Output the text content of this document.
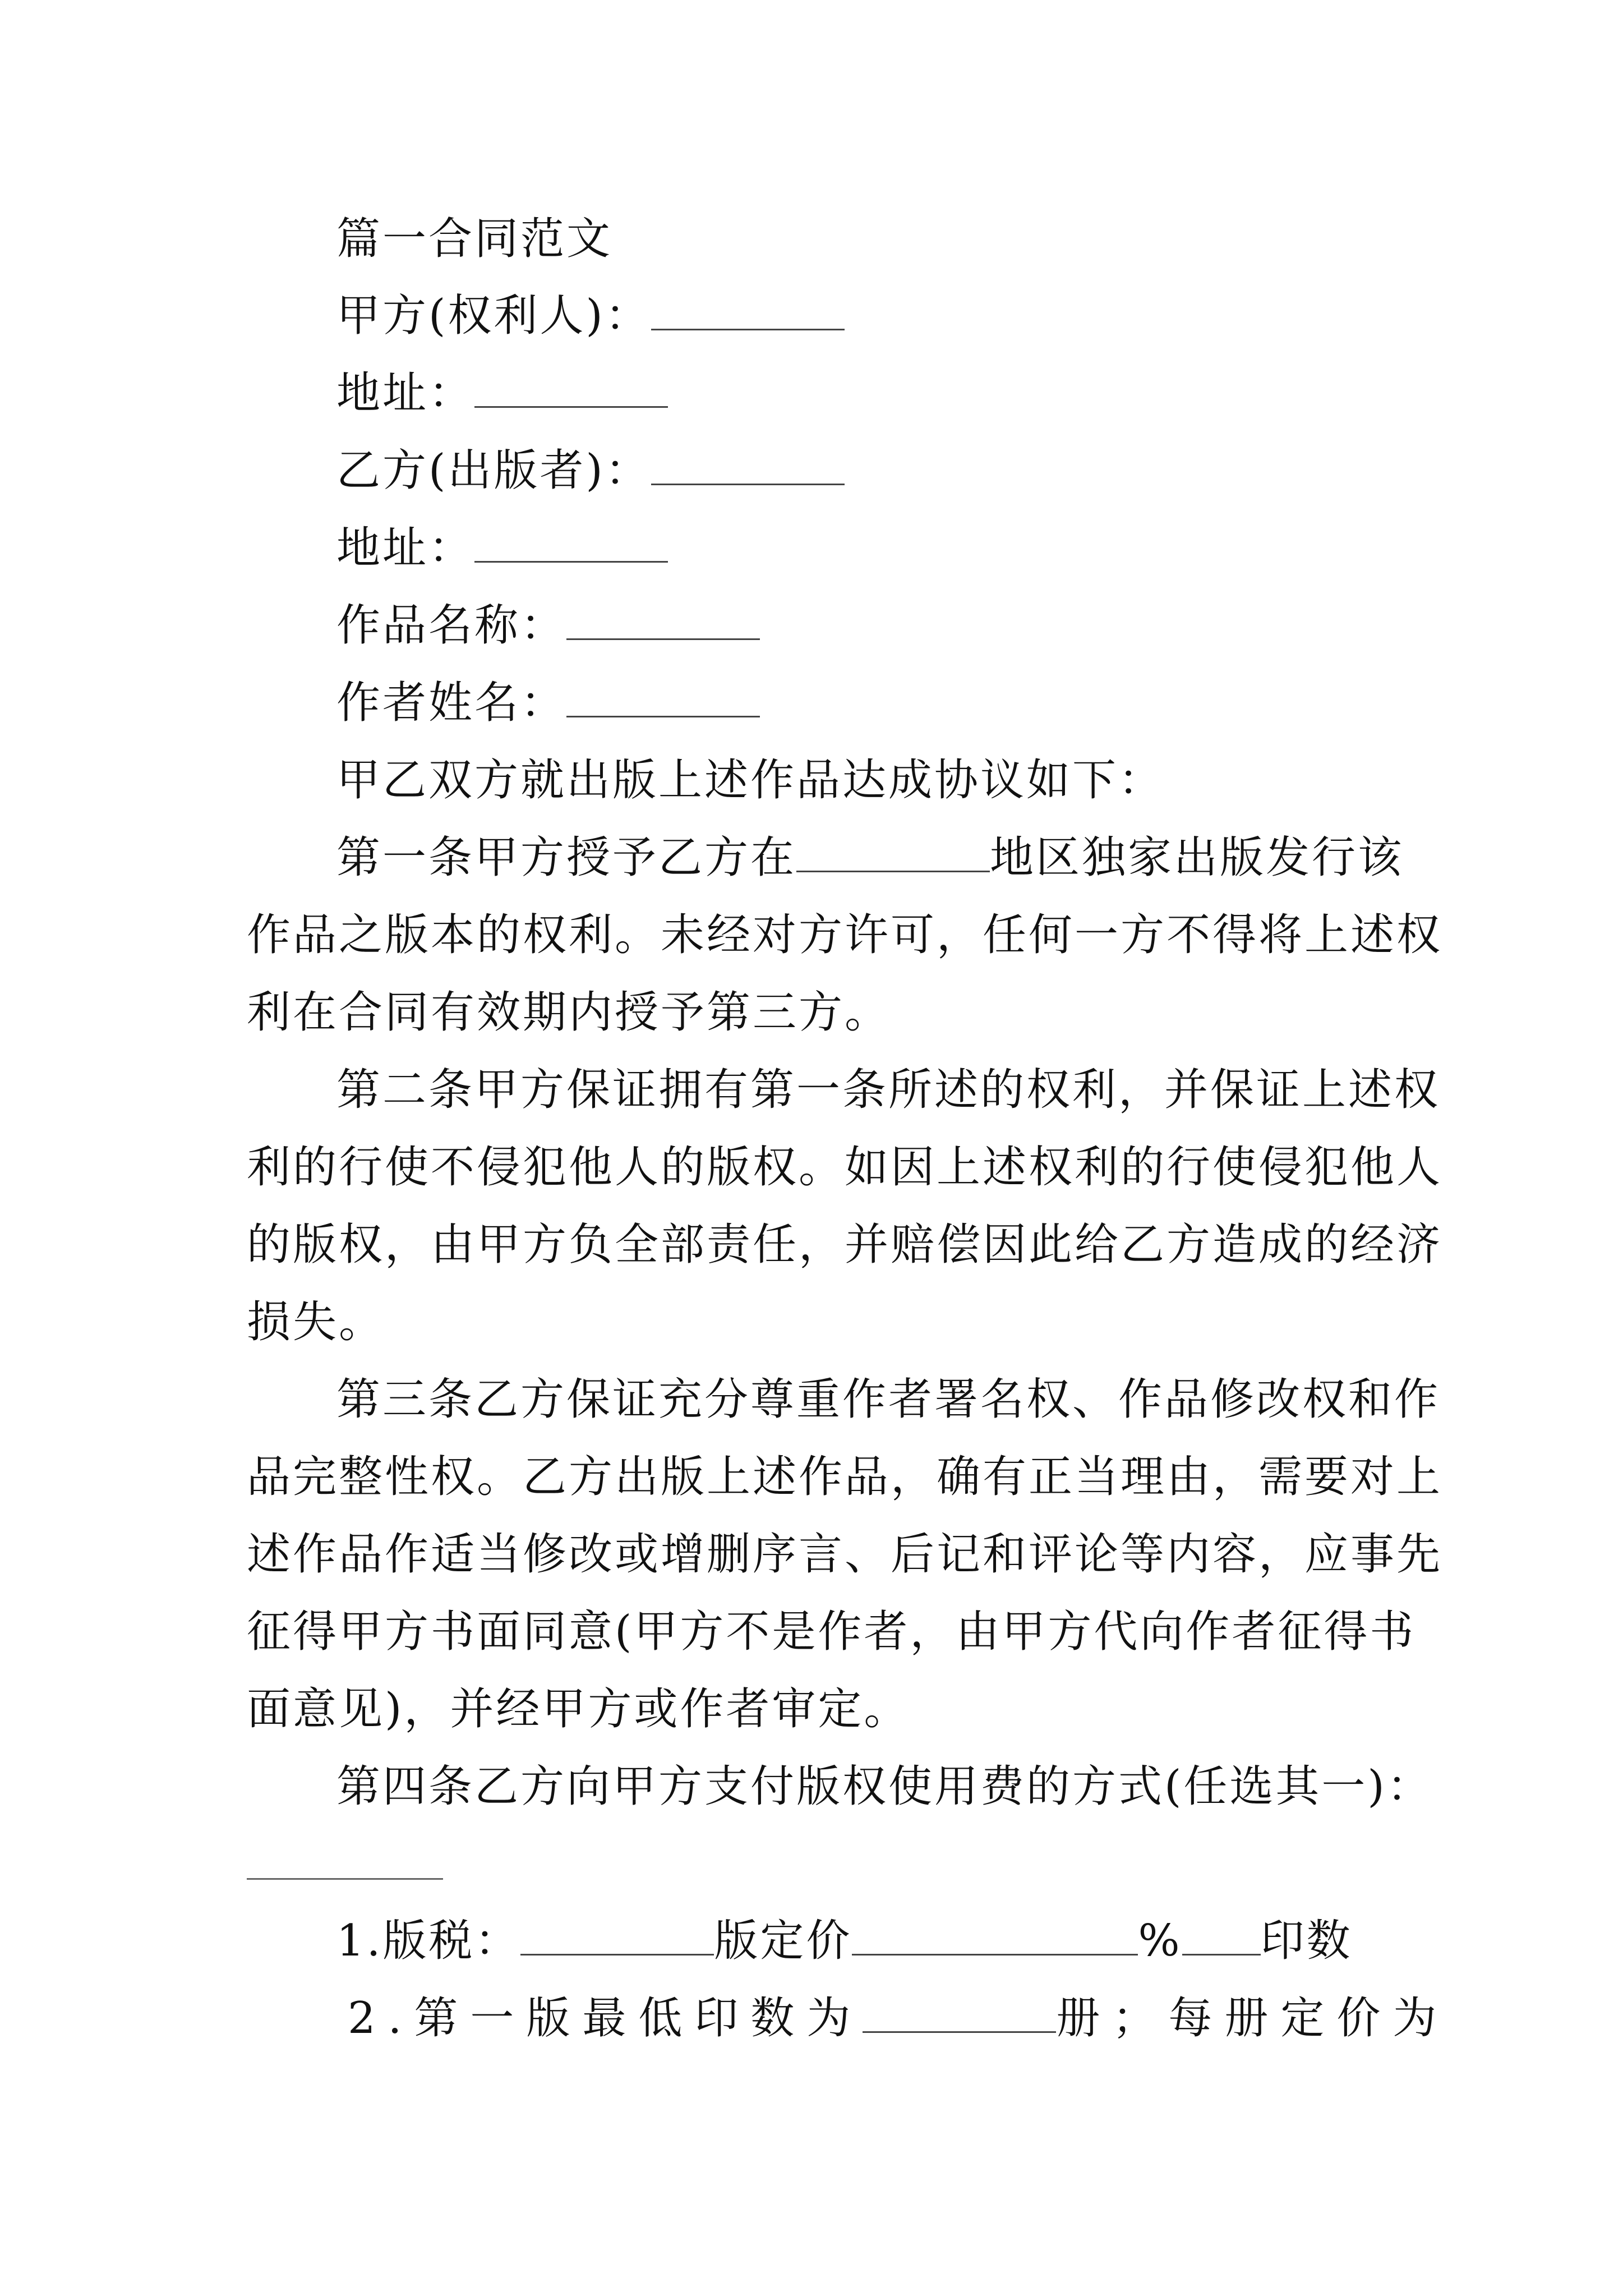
篇一合同范文
甲方(权利人)：
地址：
乙方(出版者)：
地址：
作品名称：
作者姓名：
甲乙双方就出版上述作品达成协议如下：
第一条甲方授予乙方在	地区独家出版发行该
作品之版本的权利。未经对方许可，任何一方不得将上述权
利在合同有效期内授予第三方。
第二条甲方保证拥有第一条所述的权利，并保证上述权
利的行使不侵犯他人的版权。如因上述权利的行使侵犯他人
的版权，由甲方负全部责任，并赔偿因此给乙方造成的经济
损失。
第三条乙方保证充分尊重作者署名权、作品修改权和作
品完整性权。乙方出版上述作品，确有正当理由，需要对上
述作品作适当修改或增删序言、后记和评论等内容，应事先
征得甲方书面同意(甲方不是作者，由甲方代向作者征得书
面意见)，并经甲方或作者审定。
第四条乙方向甲方支付版权使用费的方式(任选其一)：
1.版税：	版定价	% 印数
2.第一版最低印数为	册；每册定价为
